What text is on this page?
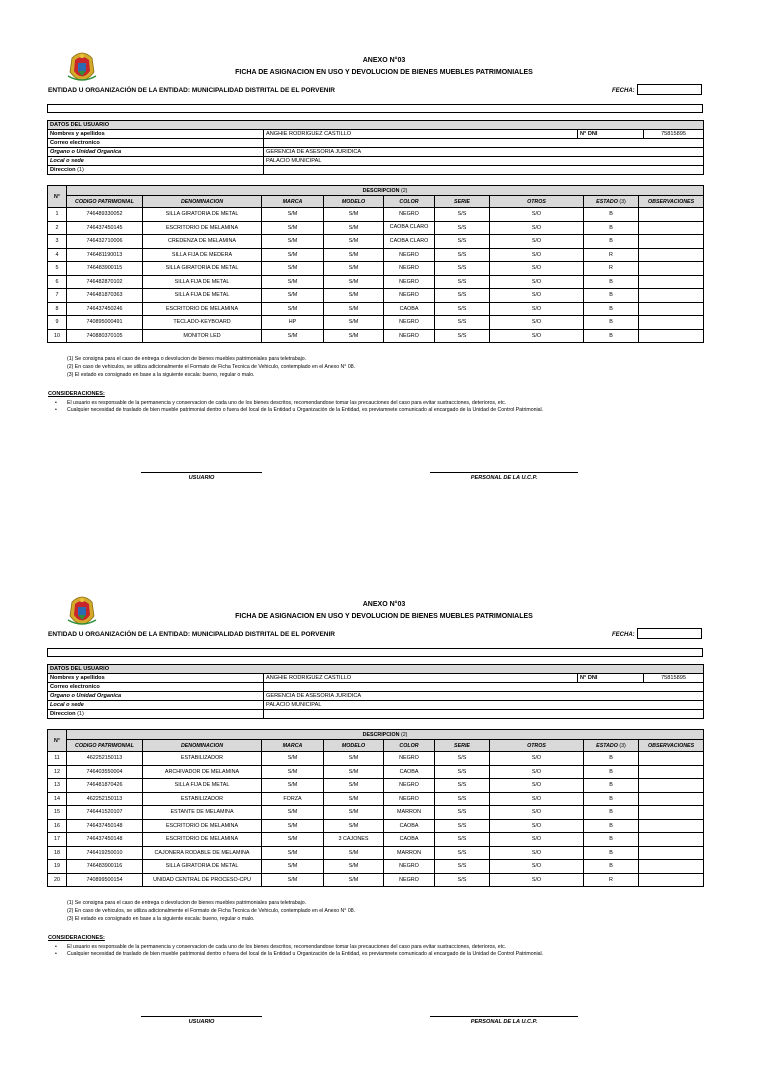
ANEXO N°03
FICHA DE ASIGNACION EN USO Y DEVOLUCION DE BIENES MUEBLES PATRIMONIALES
ENTIDAD U ORGANIZACIÓN DE LA ENTIDAD: MUNICIPALIDAD DISTRITAL DE EL PORVENIR	FECHA:
DATOS DEL USUARIO			
Nombres y apellidos	ANGHIE RODRIGUEZ CASTILLO	N° DNI	75815895
Correo electronico			
Organo o Unidad Organica	GERENCIA DE ASESORIA JURIDICA		
Local o sede	PALACIO MUNICIPAL		
Direccion (1)			
N°	DESCRIPCION (2)								
	CODIGO PATRIMONIAL	DENOMINACION	MARCA	MODELO	COLOR	SERIE	OTROS	ESTADO (3)	OBSERVACIONES
1	746489330052	SILLA GIRATORIA DE METAL	S/M	S/M	NEGRO	S/S	S/O	B	
2	746437450145	ESCRITORIO DE MELAMINA	S/M	S/M	CAOBA CLARO	S/S	S/O	B	
3	746432710006	CREDENZA DE MELAMINA	S/M	S/M	CAOBA CLARO	S/S	S/O	B	
4	746481190013	SILLA FIJA DE MEDERA	S/M	S/M	NEGRO	S/S	S/O	R	
5	746483900115	SILLA GIRATORIA DE METAL	S/M	S/M	NEGRO	S/S	S/O	R	
6	746482870102	SILLA FIJA DE METAL	S/M	S/M	NEGRO	S/S	S/O	B	
7	746481870363	SILLA FIJA DE METAL	S/M	S/M	NEGRO	S/S	S/O	B	
8	746437450246	ESCRITORIO DE MELAMINA	S/M	S/M	CAOBA	S/S	S/O	B	
9	740895000491	TECLADO-KEYBOARD	HP	S/M	NEGRO	S/S	S/O	B	
10	740880370105	MONITOR LED	S/M	S/M	NEGRO	S/S	S/O	B	
(1) Se consigna para el caso de entrega o devolucion de bienes muebles patrimoniales para teletrabajo.
(2) En caso de vehiculos, se utiliza adicionalmente el Formato de Ficha Tecnica de Vehiculo, contemplado en el Anexo N° 08.
(3) El estado es consignado en base a la siguiente escala: bueno, regular o malo.
CONSIDERACIONES:
•	El usuario es responsable de la permanencia y conservacion de cada uno de los bienes descritos, recomendandose tomar las precauciones del caso para evitar sustracciones, deterioros, etc.
•	Cualquier necesidad de traslado de bien mueble patrimonial dentro o fuera del local de la Entidad u Organización de la Entidad, es previamnete comunicado al encargado de la Unidad de Control Patrimonial.
USUARIO	PERSONAL DE LA U.C.P.
ANEXO N°03
FICHA DE ASIGNACION EN USO Y DEVOLUCION DE BIENES MUEBLES PATRIMONIALES
ENTIDAD U ORGANIZACIÓN DE LA ENTIDAD: MUNICIPALIDAD DISTRITAL DE EL PORVENIR	FECHA:
DATOS DEL USUARIO			
Nombres y apellidos	ANGHIE RODRIGUEZ CASTILLO	N° DNI	75815895
Correo electronico			
Organo o Unidad Organica	GERENCIA DE ASESORIA JURIDICA		
Local o sede	PALACIO MUNICIPAL		
Direccion (1)			
N°	DESCRIPCION (2)								
	CODIGO PATRIMONIAL	DENOMINACION	MARCA	MODELO	COLOR	SERIE	OTROS	ESTADO (3)	OBSERVACIONES
11	462252150113	ESTABILIZADOR	S/M	S/M	NEGRO	S/S	S/O	B	
12	746403550004	ARCHIVADOR DE MELAMINA	S/M	S/M	CAOBA	S/S	S/O	B	
13	746481870426	SILLA FIJA DE METAL	S/M	S/M	NEGRO	S/S	S/O	B	
14	462252150113	ESTABILIZADOR	FORZA	S/M	NEGRO	S/S	S/O	B	
15	746441520107	ESTANTE DE MELAMINA	S/M	S/M	MARRON	S/S	S/O	B	
16	746437450148	ESCRITORIO DE MELAMINA	S/M	S/M	CAOBA	S/S	S/O	B	
17	746437450148	ESCRITORIO DE MELAMINA	S/M	3 CAJONES	CAOBA	S/S	S/O	B	
18	746419250010	CAJONERA RODABLE DE MELAMINA	S/M	S/M	MARRON	S/S	S/O	B	
19	746483900116	SILLA GIRATORIA DE METAL	S/M	S/M	NEGRO	S/S	S/O	B	
20	740899500154	UNIDAD CENTRAL DE PROCESO-CPU	S/M	S/M	NEGRO	S/S	S/O	R	
(1) Se consigna para el caso de entrega o devolucion de bienes muebles patrimoniales para teletrabajo.
(2) En caso de vehiculos, se utiliza adicionalmente el Formato de Ficha Tecnica de Vehiculo, contemplado en el Anexo N° 08.
(3) El estado es consignado en base a la siguiente escala: bueno, regular o malo.
CONSIDERACIONES:
•	El usuario es responsable de la permanencia y conservacion de cada uno de los bienes descritos, recomendandose tomar las precauciones del caso para evitar sustracciones, deterioros, etc.
•	Cualquier necesidad de traslado de bien mueble patrimonial dentro o fuera del local de la Entidad u Organización de la Entidad, es previamnete comunicado al encargado de la Unidad de Control Patrimonial.
USUARIO	PERSONAL DE LA U.C.P.
